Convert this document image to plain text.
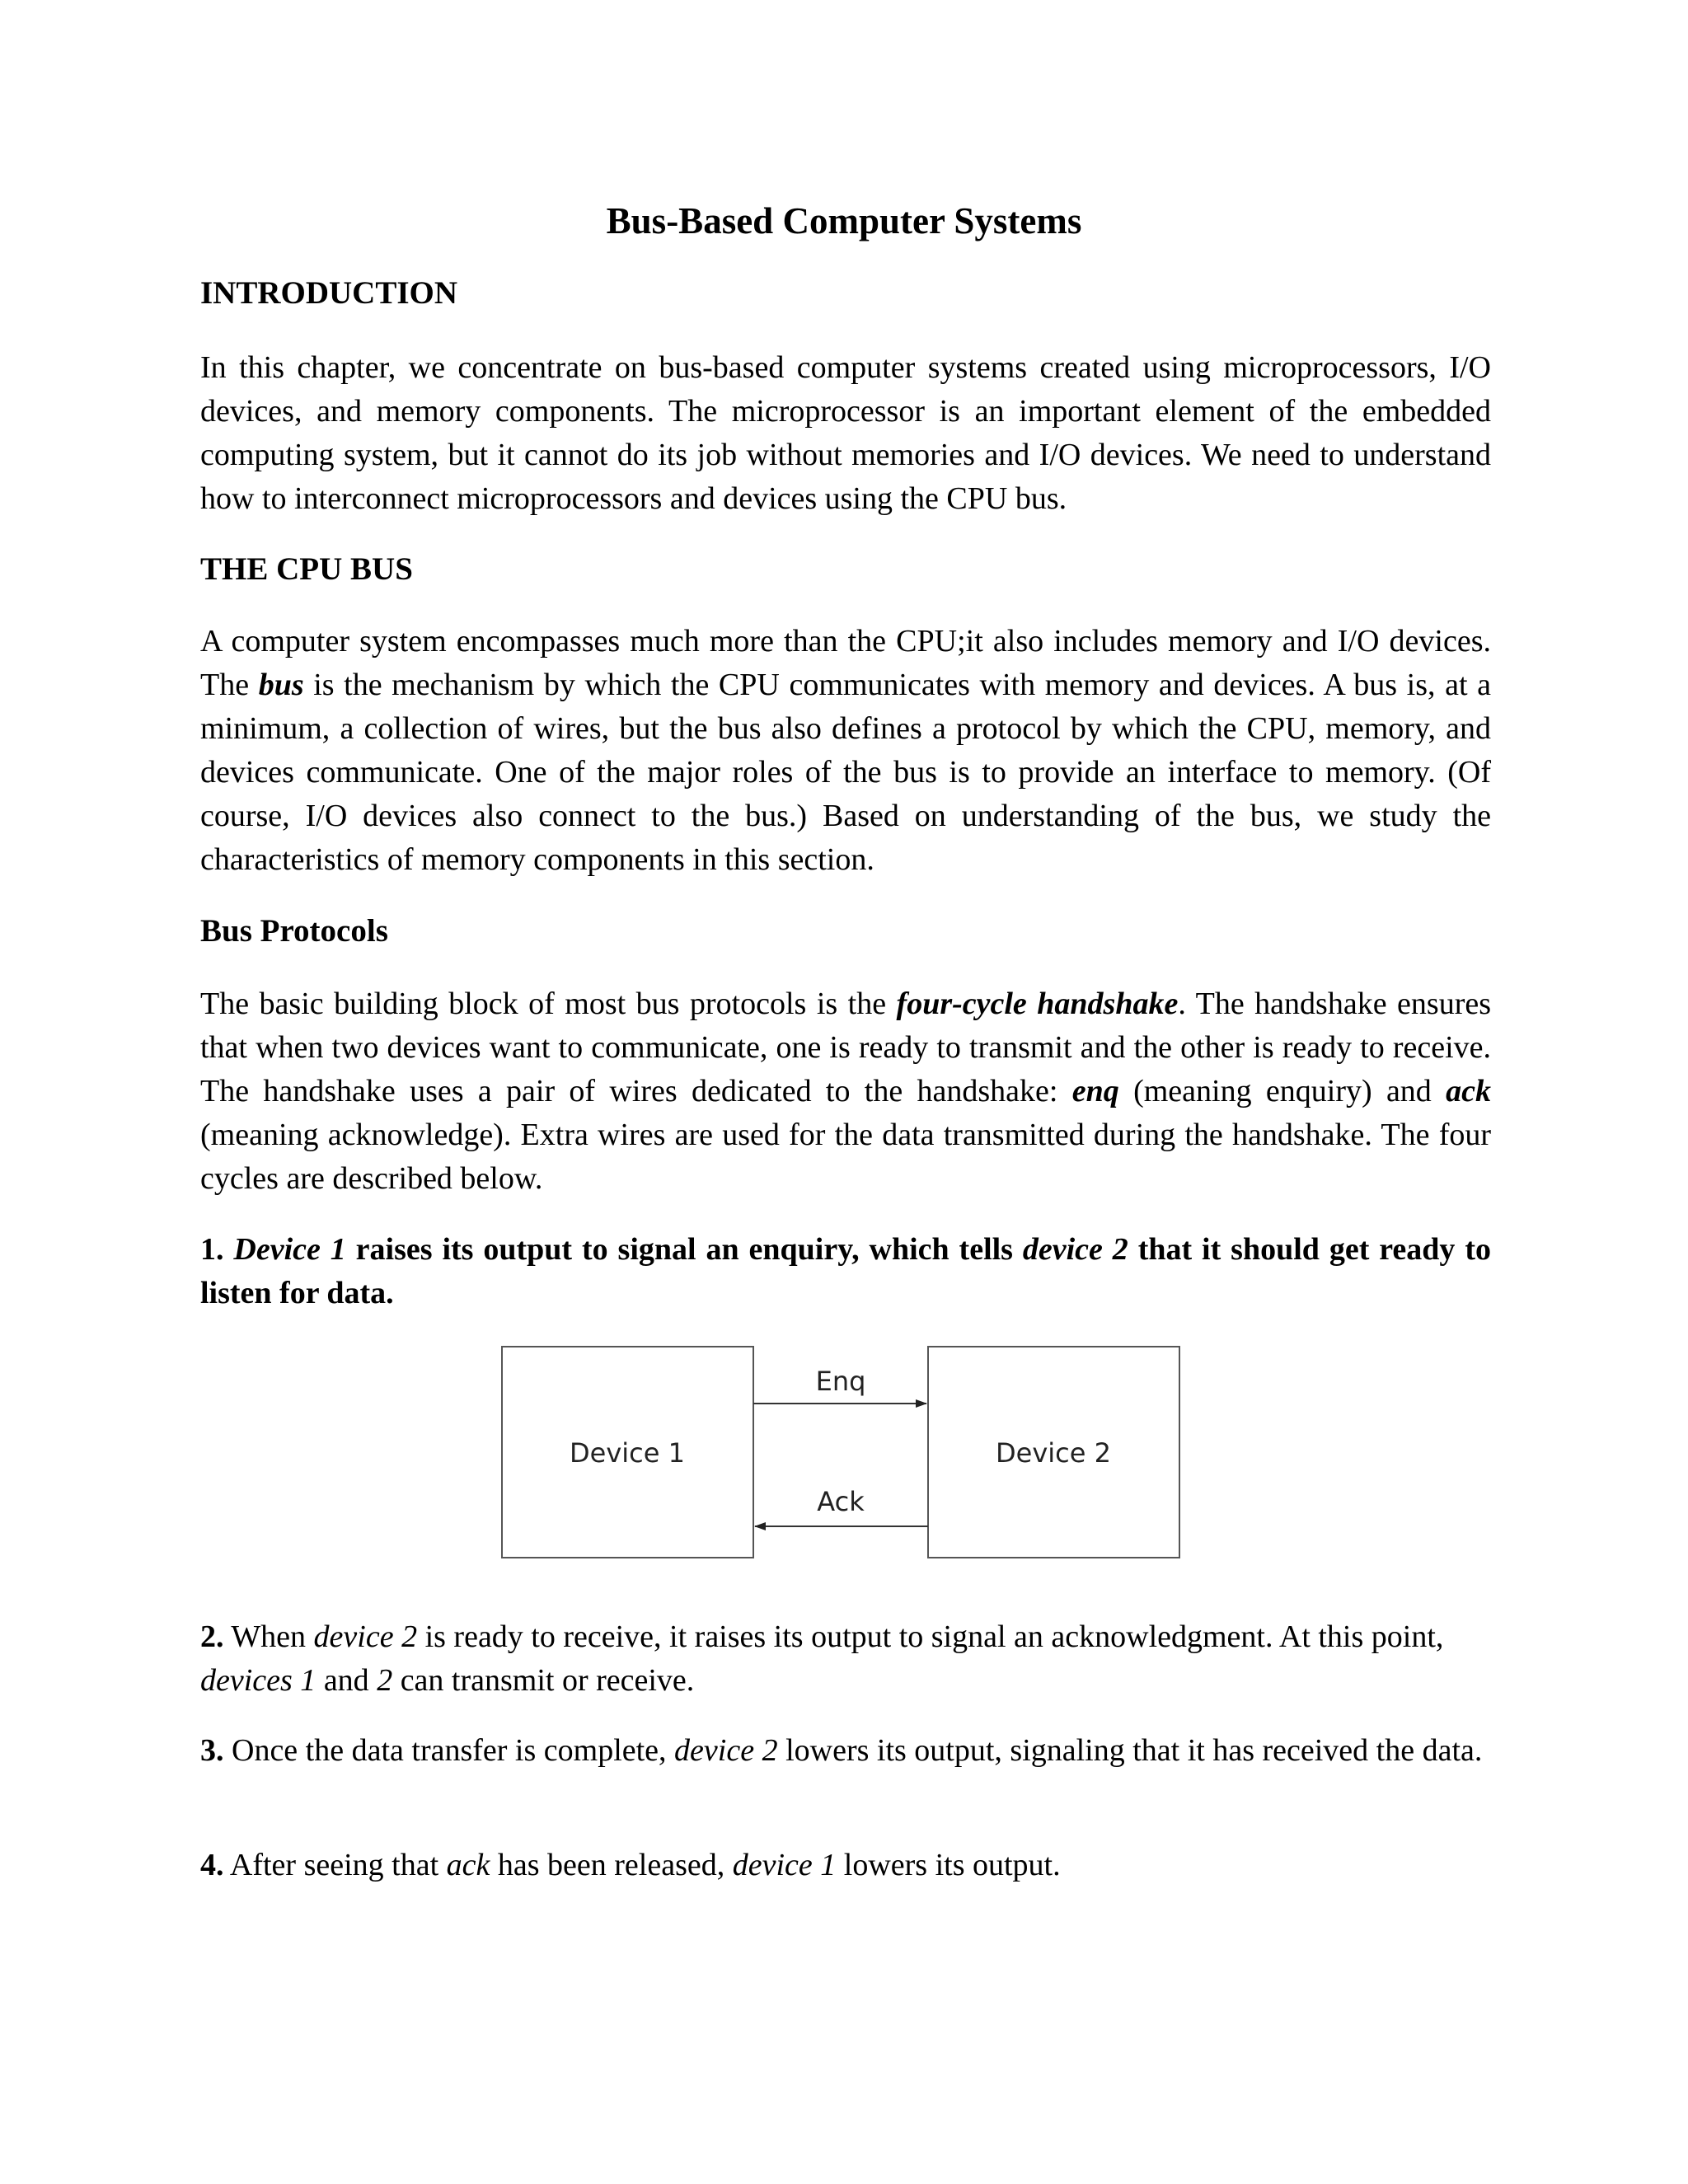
Bus-Based Computer Systems
INTRODUCTION
In this chapter, we concentrate on bus-based computer systems created using microprocessors, I/O devices, and memory components. The microprocessor is an important element of the embedded computing system, but it cannot do its job without memories and I/O devices. We need to understand how to interconnect microprocessors and devices using the CPU bus.
THE CPU BUS
A computer system encompasses much more than the CPU;it also includes memory and I/O devices. The bus is the mechanism by which the CPU communicates with memory and devices. A bus is, at a minimum, a collection of wires, but the bus also defines a protocol by which the CPU, memory, and devices communicate. One of the major roles of the bus is to provide an interface to memory. (Of course, I/O devices also connect to the bus.) Based on understanding of the bus, we study the characteristics of memory components in this section.
Bus Protocols
The basic building block of most bus protocols is the four-cycle handshake. The handshake ensures that when two devices want to communicate, one is ready to transmit and the other is ready to receive. The handshake uses a pair of wires dedicated to the handshake: enq (meaning enquiry) and ack (meaning acknowledge). Extra wires are used for the data transmitted during the handshake. The four cycles are described below.
1. Device 1 raises its output to signal an enquiry, which tells device 2 that it should get ready to listen for data.
Device 1	Device 2
Enq
Ack
2. When device 2 is ready to receive, it raises its output to signal an acknowledgment. At this point, devices 1 and 2 can transmit or receive.
3. Once the data transfer is complete, device 2 lowers its output, signaling that it has received the data.
4. After seeing that ack has been released, device 1 lowers its output.
